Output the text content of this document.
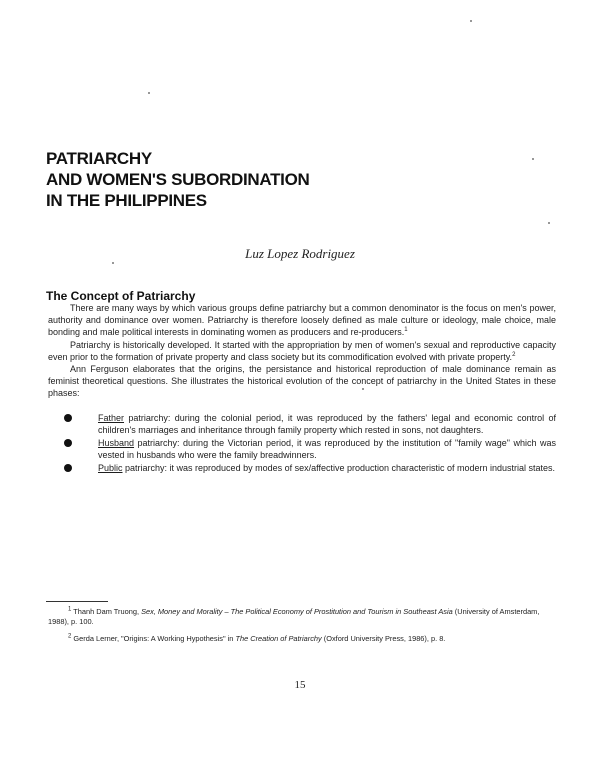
PATRIARCHY
AND WOMEN'S SUBORDINATION
IN THE PHILIPPINES
Luz Lopez Rodriguez
The Concept of Patriarchy

There are many ways by which various groups define patriarchy but a common denominator is the focus on men's power, authority and dominance over women. Patriarchy is therefore loosely defined as male culture or ideology, male choice, male bonding and male political interests in dominating women as producers and re-producers.$^1$

Patriarchy is historically developed. It started with the appropriation by men of women's sexual and reproductive capacity even prior to the formation of private property and class society but its commodification evolved with private property.$^2$

Ann Ferguson elaborates that the origins, the persistance and historical reproduction of male dominance remain as feminist theoretical questions. She illustrates the historical evolution of the concept of patriarchy in the United States in these phases:

Father patriarchy: during the colonial period, it was reproduced by the fathers' legal and economic control of children's marriages and inheritance through family property which rested in sons, not daughters.
Husband patriarchy: during the Victorian period, it was reproduced by the institution of "family wage" which was vested in husbands who were the family breadwinners.
Public patriarchy: it was reproduced by modes of sex/affective production characteristic of modern industrial states.

$^1$ Thanh Dam Truong, Sex, Money and Morality – The Political Economy of Prostitution and Tourism in Southeast Asia (University of Amsterdam, 1988), p. 100.

$^2$ Gerda Lerner, "Origins: A Working Hypothesis" in The Creation of Patriarchy (Oxford University Press, 1986), p. 8.

15
